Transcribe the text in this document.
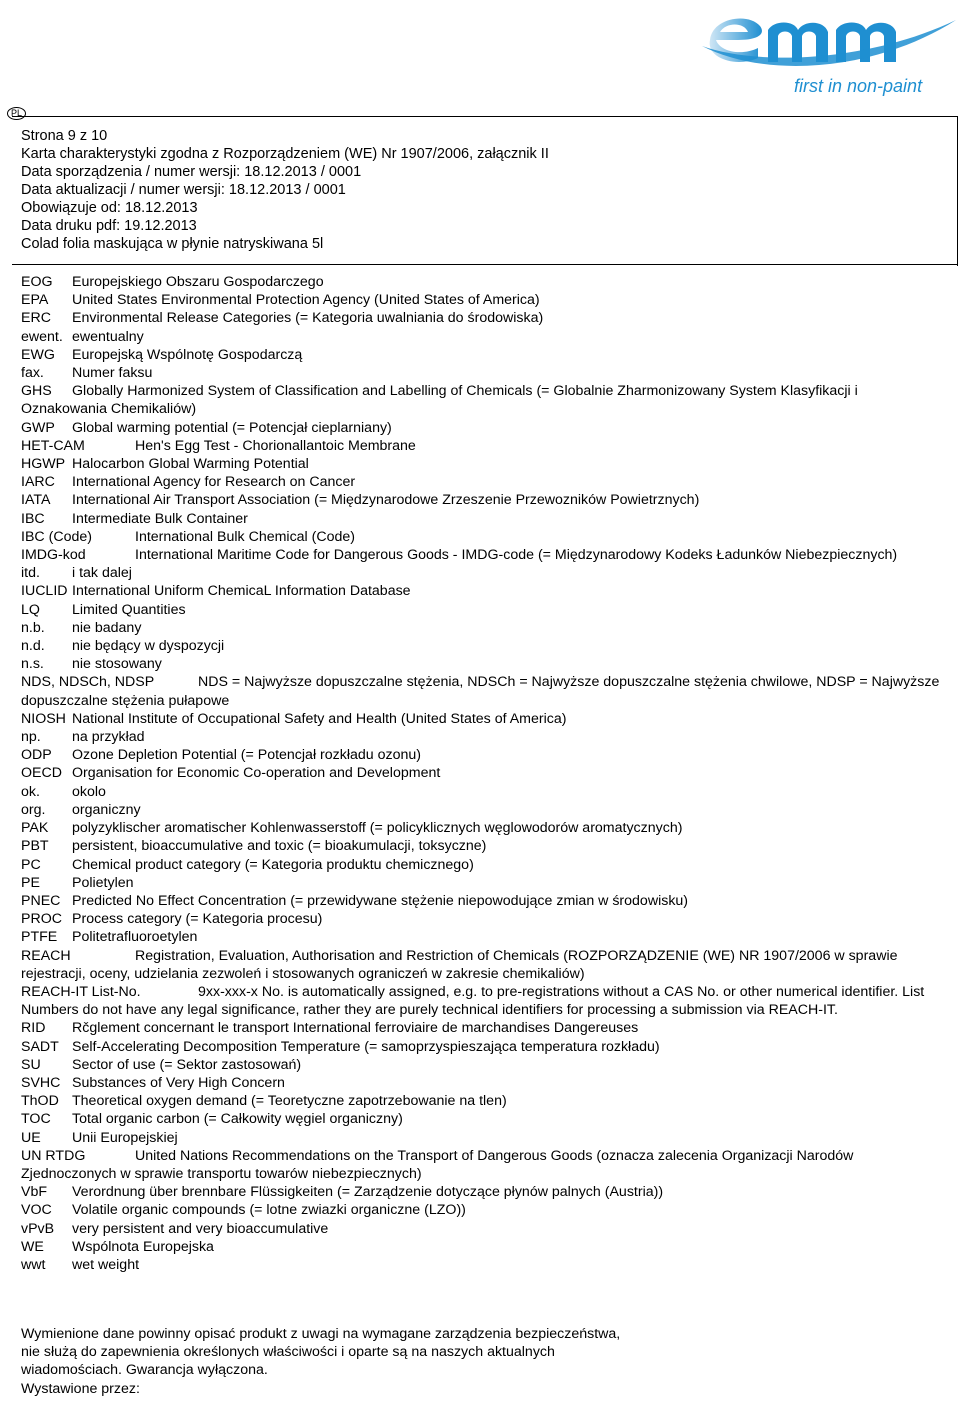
first in non-paint
PL
Strona 9 z 10
Karta charakterystyki zgodna z Rozporządzeniem (WE) Nr 1907/2006, załącznik II
Data sporządzenia / numer wersji: 18.12.2013 / 0001
Data aktualizacji / numer wersji: 18.12.2013 / 0001
Obowiązuje od: 18.12.2013
Data druku pdf: 19.12.2013
Colad folia maskująca w płynie natryskiwana 5l
EOG	Europejskiego Obszaru Gospodarczego
EPA	United States Environmental Protection Agency (United States of America)
ERC	Environmental Release Categories (= Kategoria uwalniania do środowiska)
ewent. ewentualny
EWG	Europejską Wspólnotę Gospodarczą
fax.	Numer faksu
GHS Globally Harmonized System of Classification and Labelling of Chemicals (= Globalnie Zharmonizowany System Klasyfikacji i Oznakowania Chemikaliów)
GWP	Global warming potential (= Potencjał cieplarniany)
HET-CAM	Hen's Egg Test - Chorionallantoic Membrane
HGWP Halocarbon Global Warming Potential
IARC	International Agency for Research on Cancer
IATA	International Air Transport Association (= Międzynarodowe Zrzeszenie Przewozników Powietrznych)
IBC	Intermediate Bulk Container
IBC (Code)	International Bulk Chemical (Code)
IMDG-kod	International Maritime Code for Dangerous Goods - IMDG-code (= Międzynarodowy Kodeks Ładunków Niebezpiecznych)
itd.	i tak dalej
IUCLID International Uniform ChemicaL Information Database
LQ	Limited Quantities
n.b.	nie badany
n.d.	nie będący w dyspozycji
n.s.	nie stosowany
NDS, NDSCh, NDSP	NDS = Najwyższe dopuszczalne stężenia, NDSCh = Najwyższe dopuszczalne stężenia chwilowe, NDSP = Najwyższe dopuszczalne stężenia pułapowe
NIOSH National Institute of Occupational Safety and Health (United States of America)
np.	na przykład
ODP	Ozone Depletion Potential (= Potencjał rozkładu ozonu)
OECD Organisation for Economic Co-operation and Development
ok.	okolo
org.	organiczny
PAK	polyzyklischer aromatischer Kohlenwasserstoff (= policyklicznych węglowodorów aromatycznych)
PBT	persistent, bioaccumulative and toxic (= bioakumulacji, toksyczne)
PC	Chemical product category (= Kategoria produktu chemicznego)
PE	Polietylen
PNEC Predicted No Effect Concentration (= przewidywane stężenie niepowodujące zmian w środowisku)
PROC Process category (= Kategoria procesu)
PTFE	Politetrafluoroetylen
REACH	Registration, Evaluation, Authorisation and Restriction of Chemicals (ROZPORZĄDZENIE (WE) NR 1907/2006 w sprawie rejestracji, oceny, udzielania zezwoleń i stosowanych ograniczeń w zakresie chemikaliów)
REACH-IT List-No.	9xx-xxx-x No. is automatically assigned, e.g. to pre-registrations without a CAS No. or other numerical identifier. List Numbers do not have any legal significance, rather they are purely technical identifiers for processing a submission via REACH-IT.
RID	Rčglement concernant le transport International ferroviaire de marchandises Dangereuses
SADT Self-Accelerating Decomposition Temperature (= samoprzyspieszająca temperatura rozkładu)
SU	Sector of use (= Sektor zastosowań)
SVHC Substances of Very High Concern
ThOD Theoretical oxygen demand (= Teoretyczne zapotrzebowanie na tlen)
TOC	Total organic carbon (= Całkowity węgiel organiczny)
UE	Unii Europejskiej
UN RTDG	United Nations Recommendations on the Transport of Dangerous Goods (oznacza zalecenia Organizacji Narodów Zjednoczonych w sprawie transportu towarów niebezpiecznych)
VbF	Verordnung über brennbare Flüssigkeiten (= Zarządzenie dotyczące płynów palnych (Austria))
VOC	Volatile organic compounds (= lotne zwiazki organiczne (LZO))
vPvB	very persistent and very bioaccumulative
WE	Wspólnota Europejska
wwt	wet weight
Wymienione dane powinny opisać produkt z uwagi na wymagane zarządzenia bezpieczeństwa,
nie służą do zapewnienia określonych właściwości i oparte są na naszych aktualnych
wiadomościach. Gwarancja wyłączona.
Wystawione przez:
